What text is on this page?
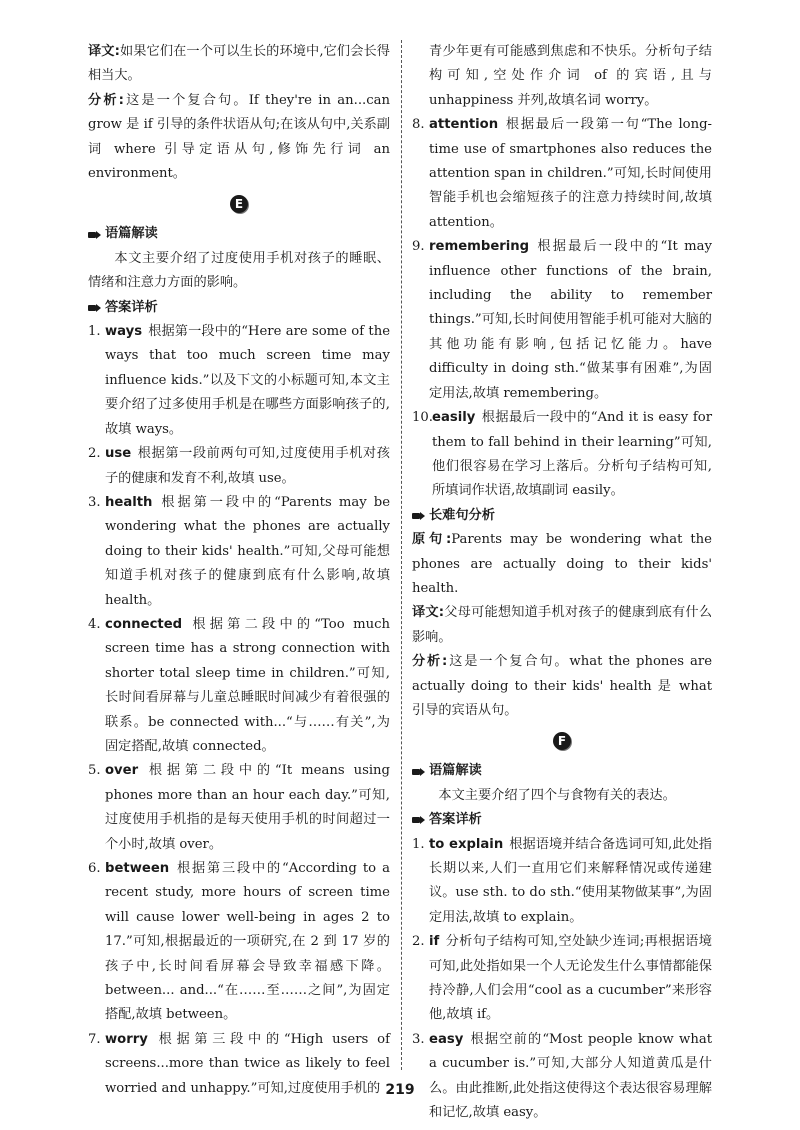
译文:如果它们在一个可以生长的环境中,它们会长得相当大。

分析:这是一个复合句。If they're in an...can grow 是 if 引导的条件状语从句;在该从句中,关系副词 where 引导定语从句,修饰先行词 an environment。

E
语篇解读

本文主要介绍了过度使用手机对孩子的睡眠、情绪和注意力方面的影响。

答案详析

1. ways 根据第一段中的“Here are some of the ways that too much screen time may influence kids.”以及下文的小标题可知,本文主要介绍了过多使用手机是在哪些方面影响孩子的,故填 ways。

2. use 根据第一段前两句可知,过度使用手机对孩子的健康和发育不利,故填 use。

3. health 根据第一段中的“Parents may be wondering what the phones are actually doing to their kids' health.”可知,父母可能想知道手机对孩子的健康到底有什么影响,故填 health。

4. connected 根据第二段中的“Too much screen time has a strong connection with shorter total sleep time in children.”可知,长时间看屏幕与儿童总睡眠时间减少有着很强的联系。be connected with...“与……有关”,为固定搭配,故填 connected。

5. over 根据第二段中的“It means using phones more than an hour each day.”可知,过度使用手机指的是每天使用手机的时间超过一个小时,故填 over。

6. between 根据第三段中的“According to a recent study, more hours of screen time will cause lower well-being in ages 2 to 17.”可知,根据最近的一项研究,在 2 到 17 岁的孩子中,长时间看屏幕会导致幸福感下降。between... and...“在……至……之间”,为固定搭配,故填 between。

7. worry 根据第三段中的“High users of screens...more than twice as likely to feel worried and unhappy.”可知,过度使用手机的

青少年更有可能感到焦虑和不快乐。分析句子结构可知,空处作介词 of 的宾语,且与 unhappiness 并列,故填名词 worry。

8. attention 根据最后一段第一句“The long-time use of smartphones also reduces the attention span in children.”可知,长时间使用智能手机也会缩短孩子的注意力持续时间,故填 attention。

9. remembering 根据最后一段中的“It may influence other functions of the brain, including the ability to remember things.”可知,长时间使用智能手机可能对大脑的其他功能有影响,包括记忆能力。have difficulty in doing sth.“做某事有困难”,为固定用法,故填 remembering。

10. easily 根据最后一段中的“And it is easy for them to fall behind in their learning”可知,他们很容易在学习上落后。分析句子结构可知,所填词作状语,故填副词 easily。

长难句分析

原句:Parents may be wondering what the phones are actually doing to their kids' health.

译文:父母可能想知道手机对孩子的健康到底有什么影响。

分析:这是一个复合句。what the phones are actually doing to their kids' health 是 what 引导的宾语从句。

F
语篇解读

本文主要介绍了四个与食物有关的表达。

答案详析

1. to explain 根据语境并结合备选词可知,此处指长期以来,人们一直用它们来解释情况或传递建议。use sth. to do sth.“使用某物做某事”,为固定用法,故填 to explain。

2. if 分析句子结构可知,空处缺少连词;再根据语境可知,此处指如果一个人无论发生什么事情都能保持冷静,人们会用“cool as a cucumber”来形容他,故填 if。

3. easy 根据空前的“Most people know what a cucumber is.”可知,大部分人知道黄瓜是什么。由此推断,此处指这使得这个表达很容易理解和记忆,故填 easy。

219
